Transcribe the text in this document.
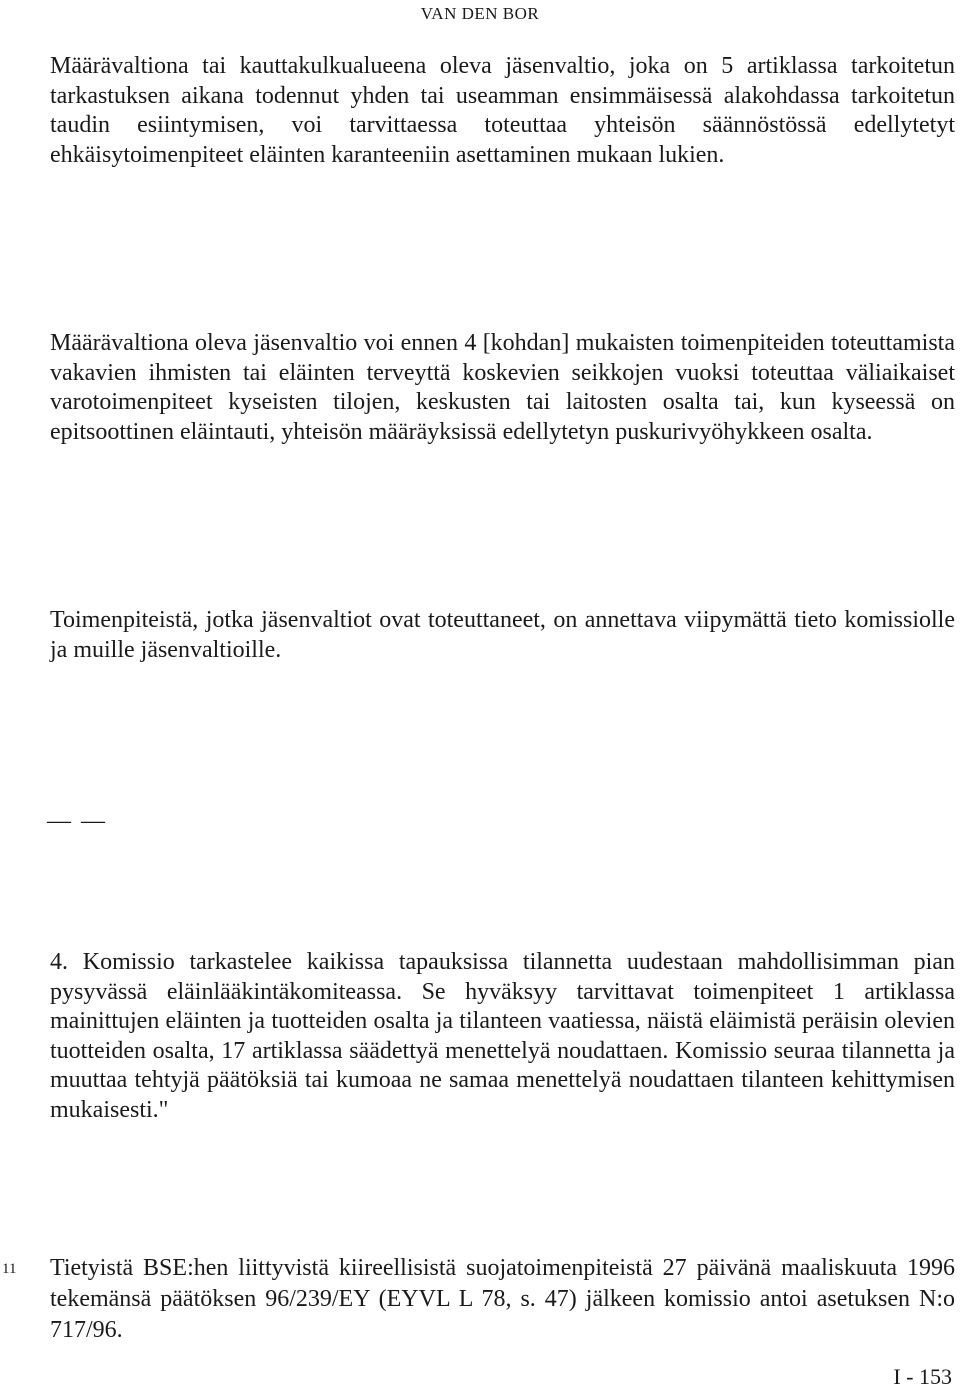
VAN DEN BOR

Määrävaltiona tai kauttakulkualueena oleva jäsenvaltio, joka on 5 artiklassa tarkoitetun tarkastuksen aikana todennut yhden tai useamman ensimmäisessä alakohdassa tarkoitetun taudin esiintymisen, voi tarvittaessa toteuttaa yhteisön säännöstössä edellytetyt ehkäisytoimenpiteet eläinten karanteeniin asettaminen mukaan lukien.

Määrävaltiona oleva jäsenvaltio voi ennen 4 [kohdan] mukaisten toimenpiteiden toteuttamista vakavien ihmisten tai eläinten terveyttä koskevien seikkojen vuoksi toteuttaa väliaikaiset varotoimenpiteet kyseisten tilojen, keskusten tai laitosten osalta tai, kun kyseessä on epitsoottinen eläintauti, yhteisön määräyksissä edellytetyn puskurivyöhykkeen osalta.

Toimenpiteistä, jotka jäsenvaltiot ovat toteuttaneet, on annettava viipymättä tieto komissiolle ja muille jäsenvaltioille.

— —

4. Komissio tarkastelee kaikissa tapauksissa tilannetta uudestaan mahdollisimman pian pysyvässä eläinlääkintäkomiteassa. Se hyväksyy tarvittavat toimenpiteet 1 artiklassa mainittujen eläinten ja tuotteiden osalta ja tilanteen vaatiessa, näistä eläimistä peräisin olevien tuotteiden osalta, 17 artiklassa säädettyä menettelyä noudattaen. Komissio seuraa tilannetta ja muuttaa tehtyjä päätöksiä tai kumoaa ne samaa menettelyä noudattaen tilanteen kehittymisen mukaisesti."

11 Tietyistä BSE:hen liittyvistä kiireellisistä suojatoimenpiteistä 27 päivänä maaliskuuta 1996 tekemänsä päätöksen 96/239/EY (EYVL L 78, s. 47) jälkeen komissio antoi asetuksen N:o 717/96.

I - 153
